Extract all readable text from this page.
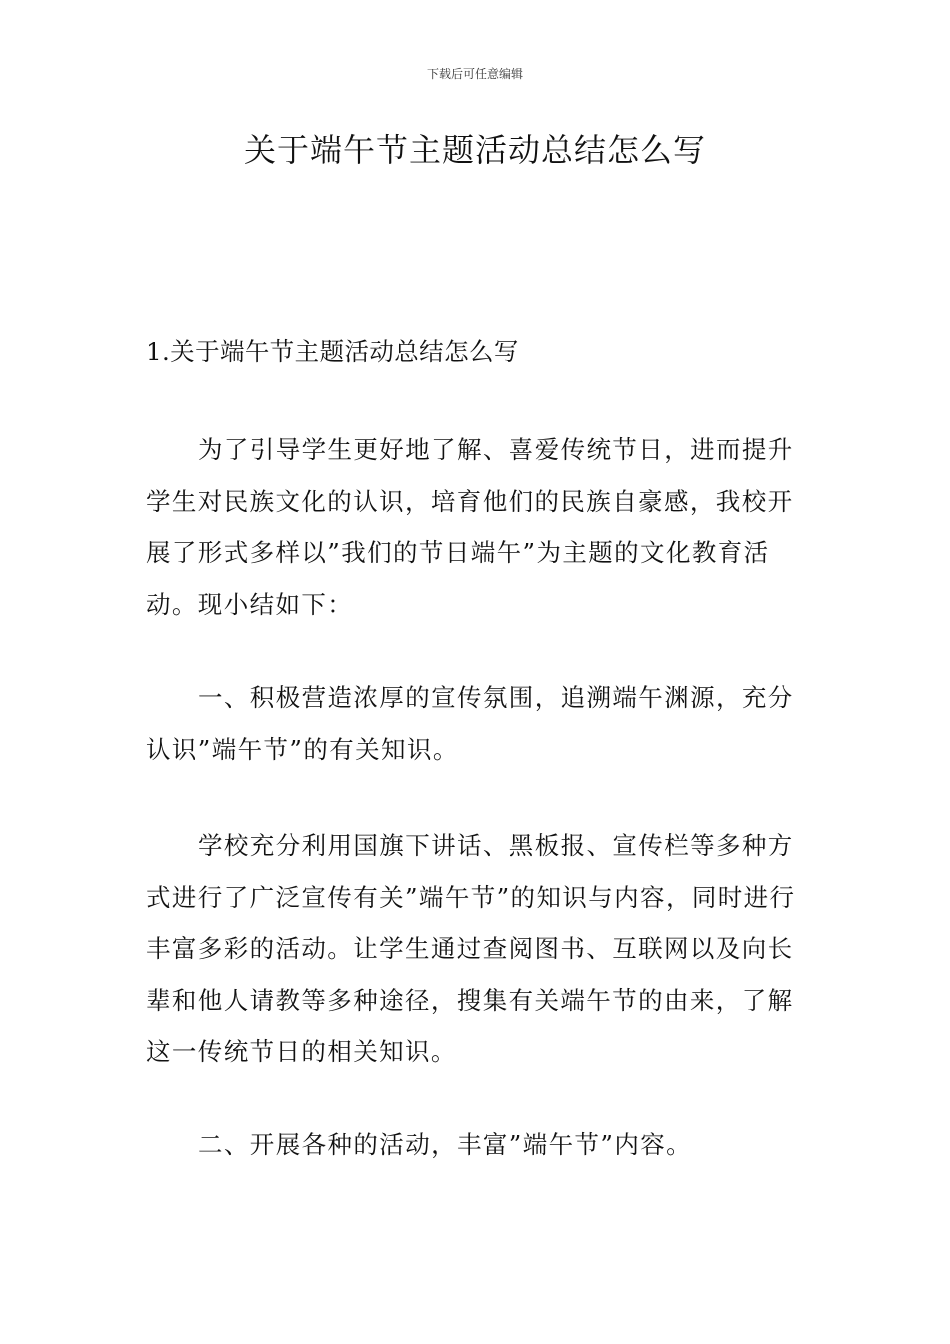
下载后可任意编辑
关于端午节主题活动总结怎么写

1.关于端午节主题活动总结怎么写

为了引导学生更好地了解、喜爱传统节日，进而提升学生对民族文化的认识，培育他们的民族自豪感，我校开展了形式多样以”我们的节日端午”为主题的文化教育活动。现小结如下：

一、积极营造浓厚的宣传氛围，追溯端午渊源，充分认识”端午节”的有关知识。

学校充分利用国旗下讲话、黑板报、宣传栏等多种方式进行了广泛宣传有关”端午节”的知识与内容，同时进行丰富多彩的活动。让学生通过查阅图书、互联网以及向长辈和他人请教等多种途径，搜集有关端午节的由来，了解这一传统节日的相关知识。

二、开展各种的活动，丰富”端午节”内容。
